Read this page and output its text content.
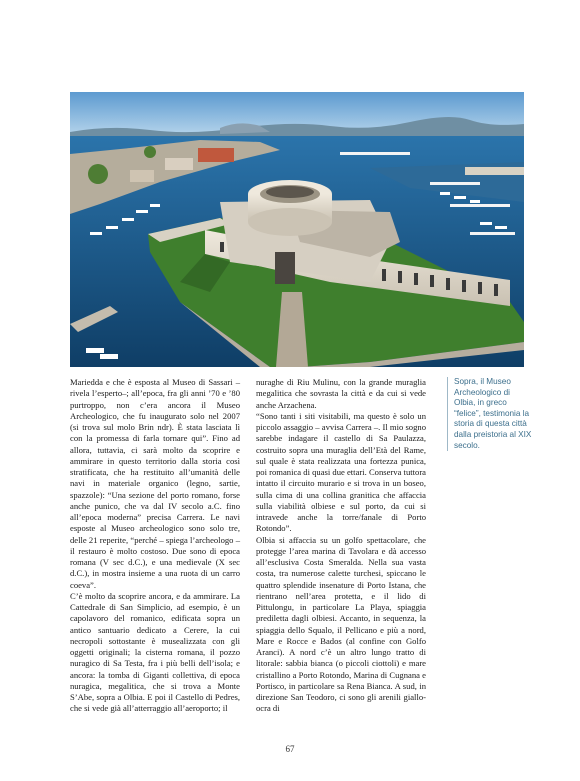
Mariedda e che è esposta al Museo di Sassari – rivela l’esperto–; all’epoca, fra gli anni ’70 e ’80 purtroppo, non c’era ancora il Museo Archeologico, che fu inaugurato solo nel 2007 (si trova sul molo Brin ndr). È stata lasciata lì con la promessa di farla tornare qui”. Fino ad allora, tuttavia, ci sarà molto da scoprire e ammirare in questo territorio dalla storia così stratificata, che ha restituito all’umanità delle navi in materiale organico (legno, sartie, spazzole): “Una sezione del porto romano, forse anche punico, che va dal IV secolo a.C. fino all’epoca moderna” precisa Carrera. Le navi esposte al Museo archeologico sono solo tre, delle 21 reperite, “perché – spiega l’archeologo – il restauro è molto costoso. Due sono di epoca romana (V sec d.C.), e una medievale (X sec d.C.), in mostra insieme a una ruota di un carro coeva”.

C’è molto da scoprire ancora, e da ammirare. La Cattedrale di San Simplicio, ad esempio, è un capolavoro del romanico, edificata sopra un antico santuario dedicato a Cerere, la cui necropoli sottostante è musealizzata con gli oggetti originali; la cisterna romana, il pozzo nuragico di Sa Testa, fra i più belli dell’isola; e ancora: la tomba di Giganti collettiva, di epoca nuragica, megalitica, che si trova a Monte S’Abe, sopra a Olbia. E poi il Castello di Pedres, che si vede già all’atterraggio all’aeroporto; il

nuraghe di Riu Mulinu, con la grande muraglia megalitica che sovrasta la città e da cui si vede anche Arzachena.

“Sono tanti i siti visitabili, ma questo è solo un piccolo assaggio – avvisa Carrera –. Il mio sogno sarebbe indagare il castello di Sa Paulazza, costruito sopra una muraglia dell’Età del Rame, sul quale è stata realizzata una fortezza punica, poi romanica di quasi due ettari. Conserva tuttora intatto il circuito murario e si trova in un boseo, sulla cima di una collina granitica che affaccia sulla viabilità olbiese e sul porto, da cui si intravede anche la torre/fanale di Porto Rotondo”.

Olbia si affaccia su un golfo spettacolare, che protegge l’area marina di Tavolara e dà accesso all’esclusiva Costa Smeralda. Nella sua vasta costa, tra numerose calette turchesi, spiccano le quattro splendide insenature di Porto Istana, che rientrano nell’area protetta, e il lido di Pittulongu, in particolare La Playa, spiaggia prediletta dagli olbiesi. Accanto, in sequenza, la spiaggia dello Squalo, il Pellicano e più a nord, Mare e Rocce e Bados (al confine con Golfo Aranci). A nord c’è un altro lungo tratto di litorale: sabbia bianca (o piccoli ciottoli) e mare cristallino a Porto Rotondo, Marina di Cugnana e Portisco, in particolare sa Rena Bianca. A sud, in direzione San Teodoro, ci sono gli arenili giallo-ocra di

Sopra, il Museo Archeologico di Olbia, in greco “felice”, testimonia la storia di questa città dalla preistoria al XIX secolo.
67
